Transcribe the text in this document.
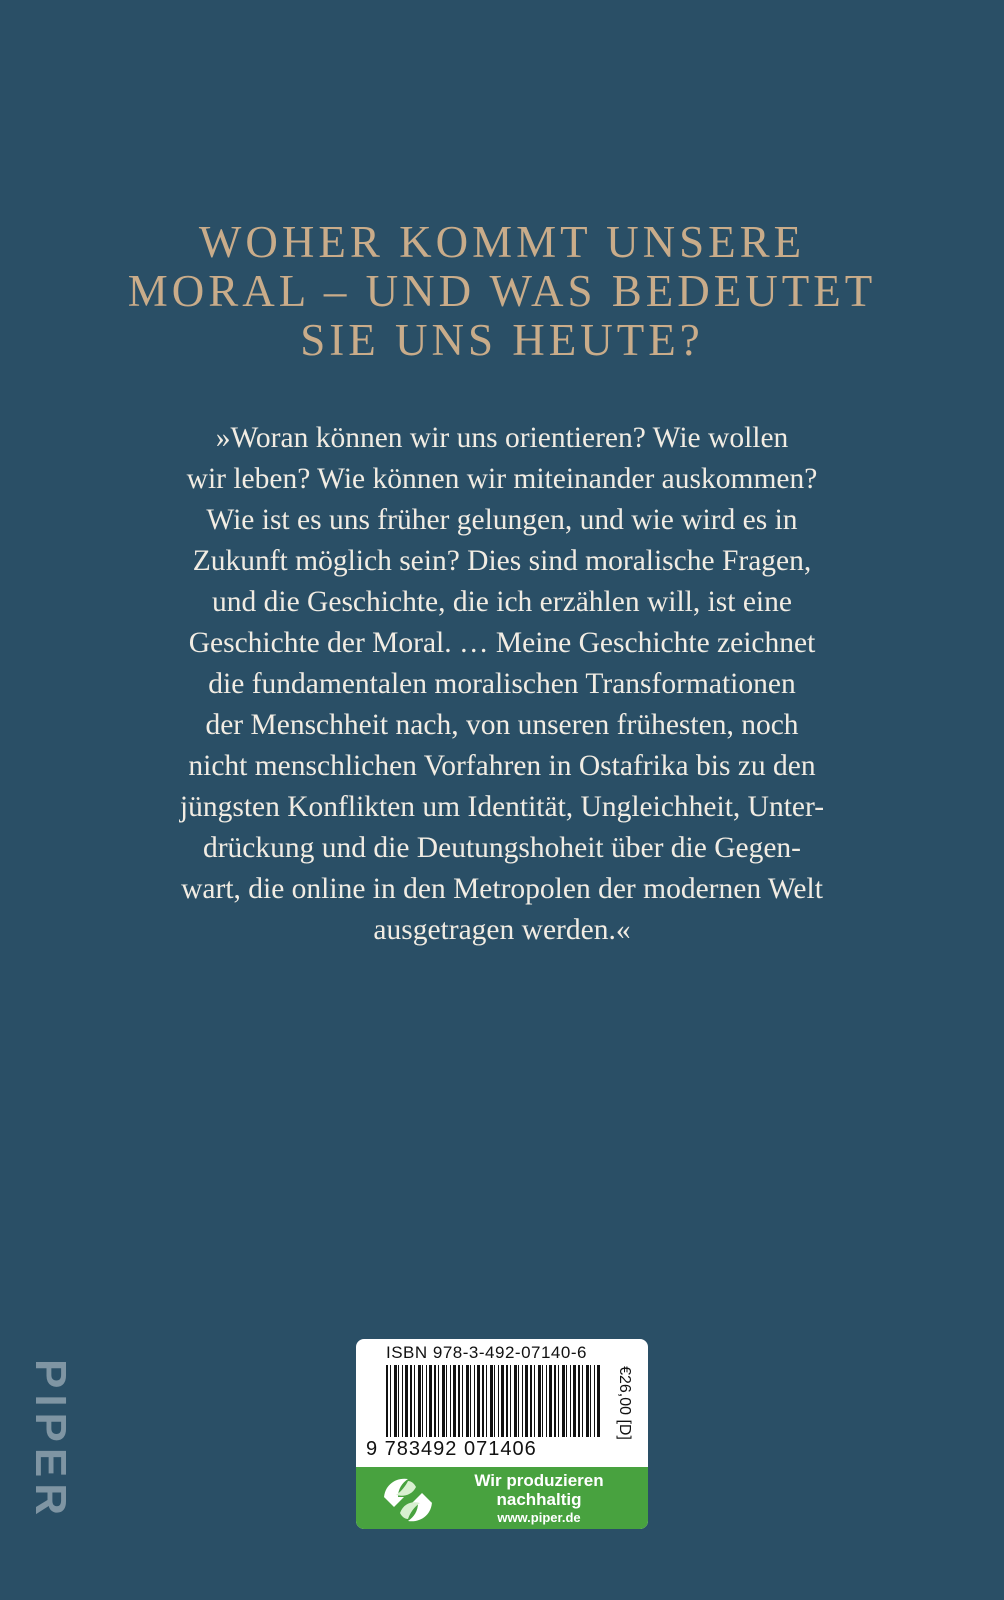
WOHER KOMMT UNSERE
MORAL – UND WAS BEDEUTET
SIE UNS HEUTE?
»Woran können wir uns orientieren? Wie wollen
wir leben? Wie können wir miteinander auskommen?
Wie ist es uns früher gelungen, und wie wird es in
Zukunft möglich sein? Dies sind moralische Fragen,
und die Geschichte, die ich erzählen will, ist eine
Geschichte der Moral. … Meine Geschichte zeichnet
die fundamentalen moralischen Transformationen
der Menschheit nach, von unseren frühesten, noch
nicht menschlichen Vorfahren in Ostafrika bis zu den
jüngsten Konflikten um Identität, Ungleichheit, Unter-
drückung und die Deutungshoheit über die Gegen-
wart, die online in den Metropolen der modernen Welt
ausgetragen werden.«
PIPER
ISBN 978-3-492-07140-6
9 783492 071406
€26,00 [D]
Wir produzieren
nachhaltig
www.piper.de
